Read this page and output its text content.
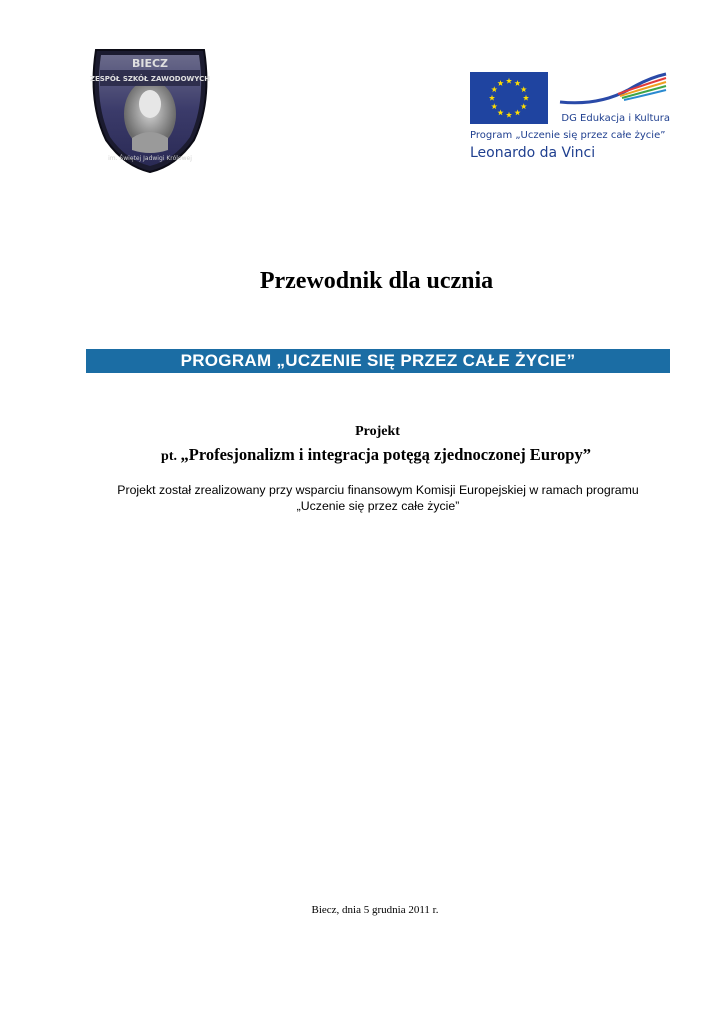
BIECZ
ZESPÓŁ SZKÓŁ ZAWODOWYCH
im. Świętej Jadwigi Królowej
DG Edukacja i Kultura
Program „Uczenie się przez całe życie”
Leonardo da Vinci
Przewodnik dla ucznia
PROGRAM „UCZENIE SIĘ PRZEZ CAŁE ŻYCIE”
Projekt
pt. „Profesjonalizm i integracja potęgą zjednoczonej Europy”
Projekt został zrealizowany przy wsparciu finansowym Komisji Europejskiej w ramach programu
„Uczenie się przez całe życie”
Biecz, dnia 5 grudnia 2011 r.
